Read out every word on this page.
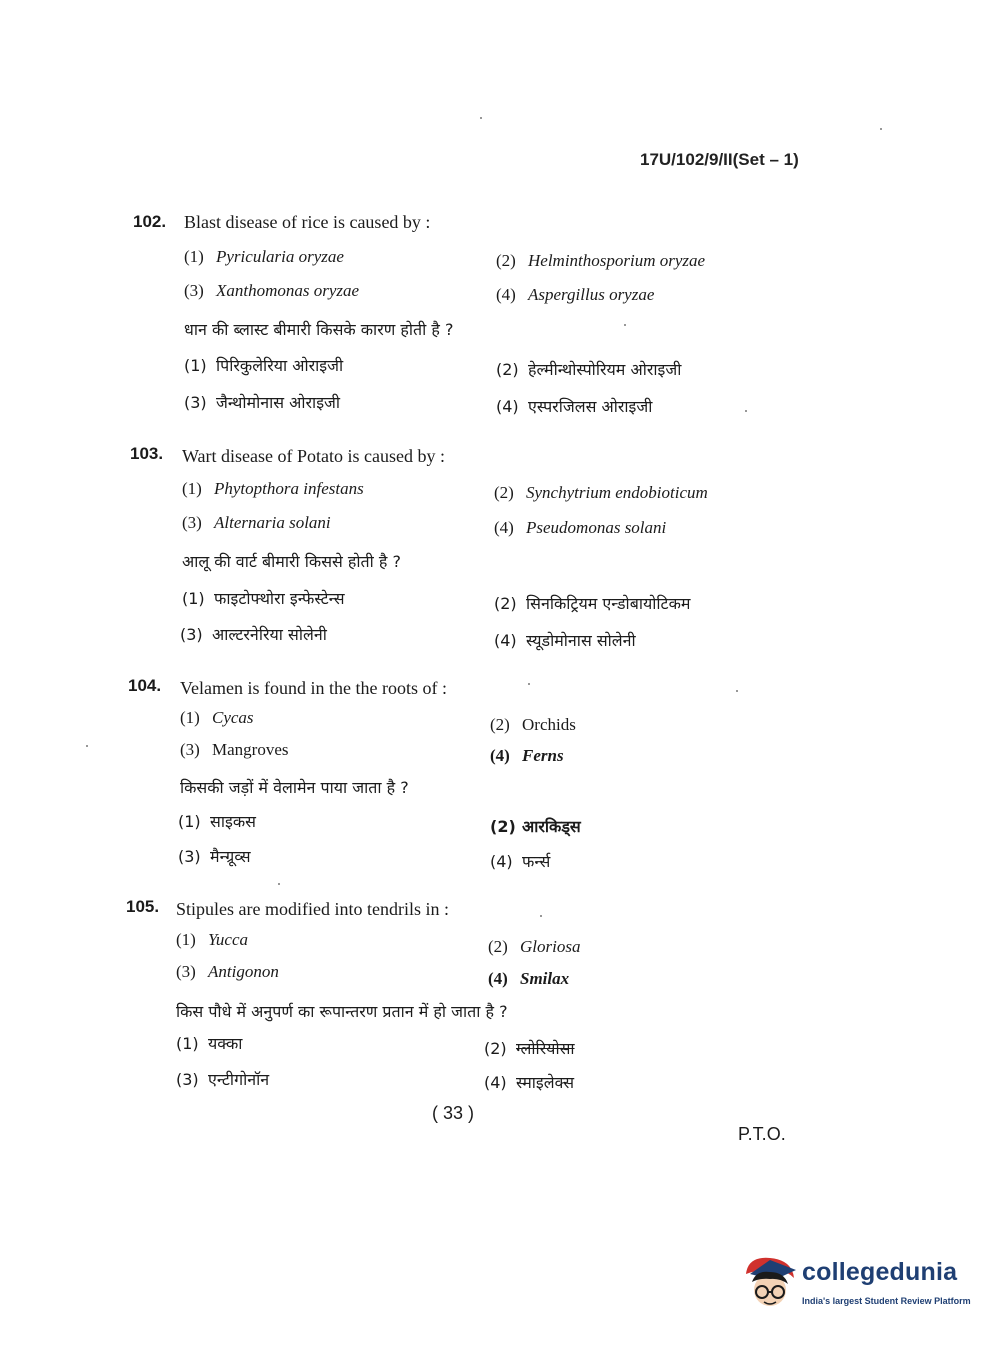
17U/102/9/II(Set – 1)
102. Blast disease of rice is caused by :
(1) Pyricularia oryzae	(2) Helminthosporium oryzae
(3) Xanthomonas oryzae	(4) Aspergillus oryzae
धान की ब्लास्ट बीमारी किसके कारण होती है ?
(1) पिरिकुलेरिया ओराइजी	(2) हेल्मीन्थोस्पोरियम ओराइजी
(3) जैन्थोमोनास ओराइजी	(4) एस्परजिलस ओराइजी
103. Wart disease of Potato is caused by :
(1) Phytopthora infestans	(2) Synchytrium endobioticum
(3) Alternaria solani	(4) Pseudomonas solani
आलू की वार्ट बीमारी किससे होती है ?
(1) फाइटोफ्थोरा इन्फेस्टेन्स	(2) सिनकिट्रियम एन्डोबायोटिकम
(3) आल्टरनेरिया सोलेनी	(4) स्यूडोमोनास सोलेनी
104. Velamen is found in the the roots of :
(1) Cycas	(2) Orchids
(3) Mangroves	(4) Ferns
किसकी जड़ों में वेलामेन पाया जाता है ?
(1) साइकस	(2) आरकिड्स
(3) मैन्ग्रूव्स	(4) फर्न्स
105. Stipules are modified into tendrils in :
(1) Yucca	(2) Gloriosa
(3) Antigonon	(4) Smilax
किस पौधे में अनुपर्ण का रूपान्तरण प्रतान में हो जाता है ?
(1) यक्का	(2) ग्लोरियोसा
(3) एन्टीगोनॉन	(4) स्माइलेक्स
( 33 )
P.T.O.
collegedunia
India's largest Student Review Platform
